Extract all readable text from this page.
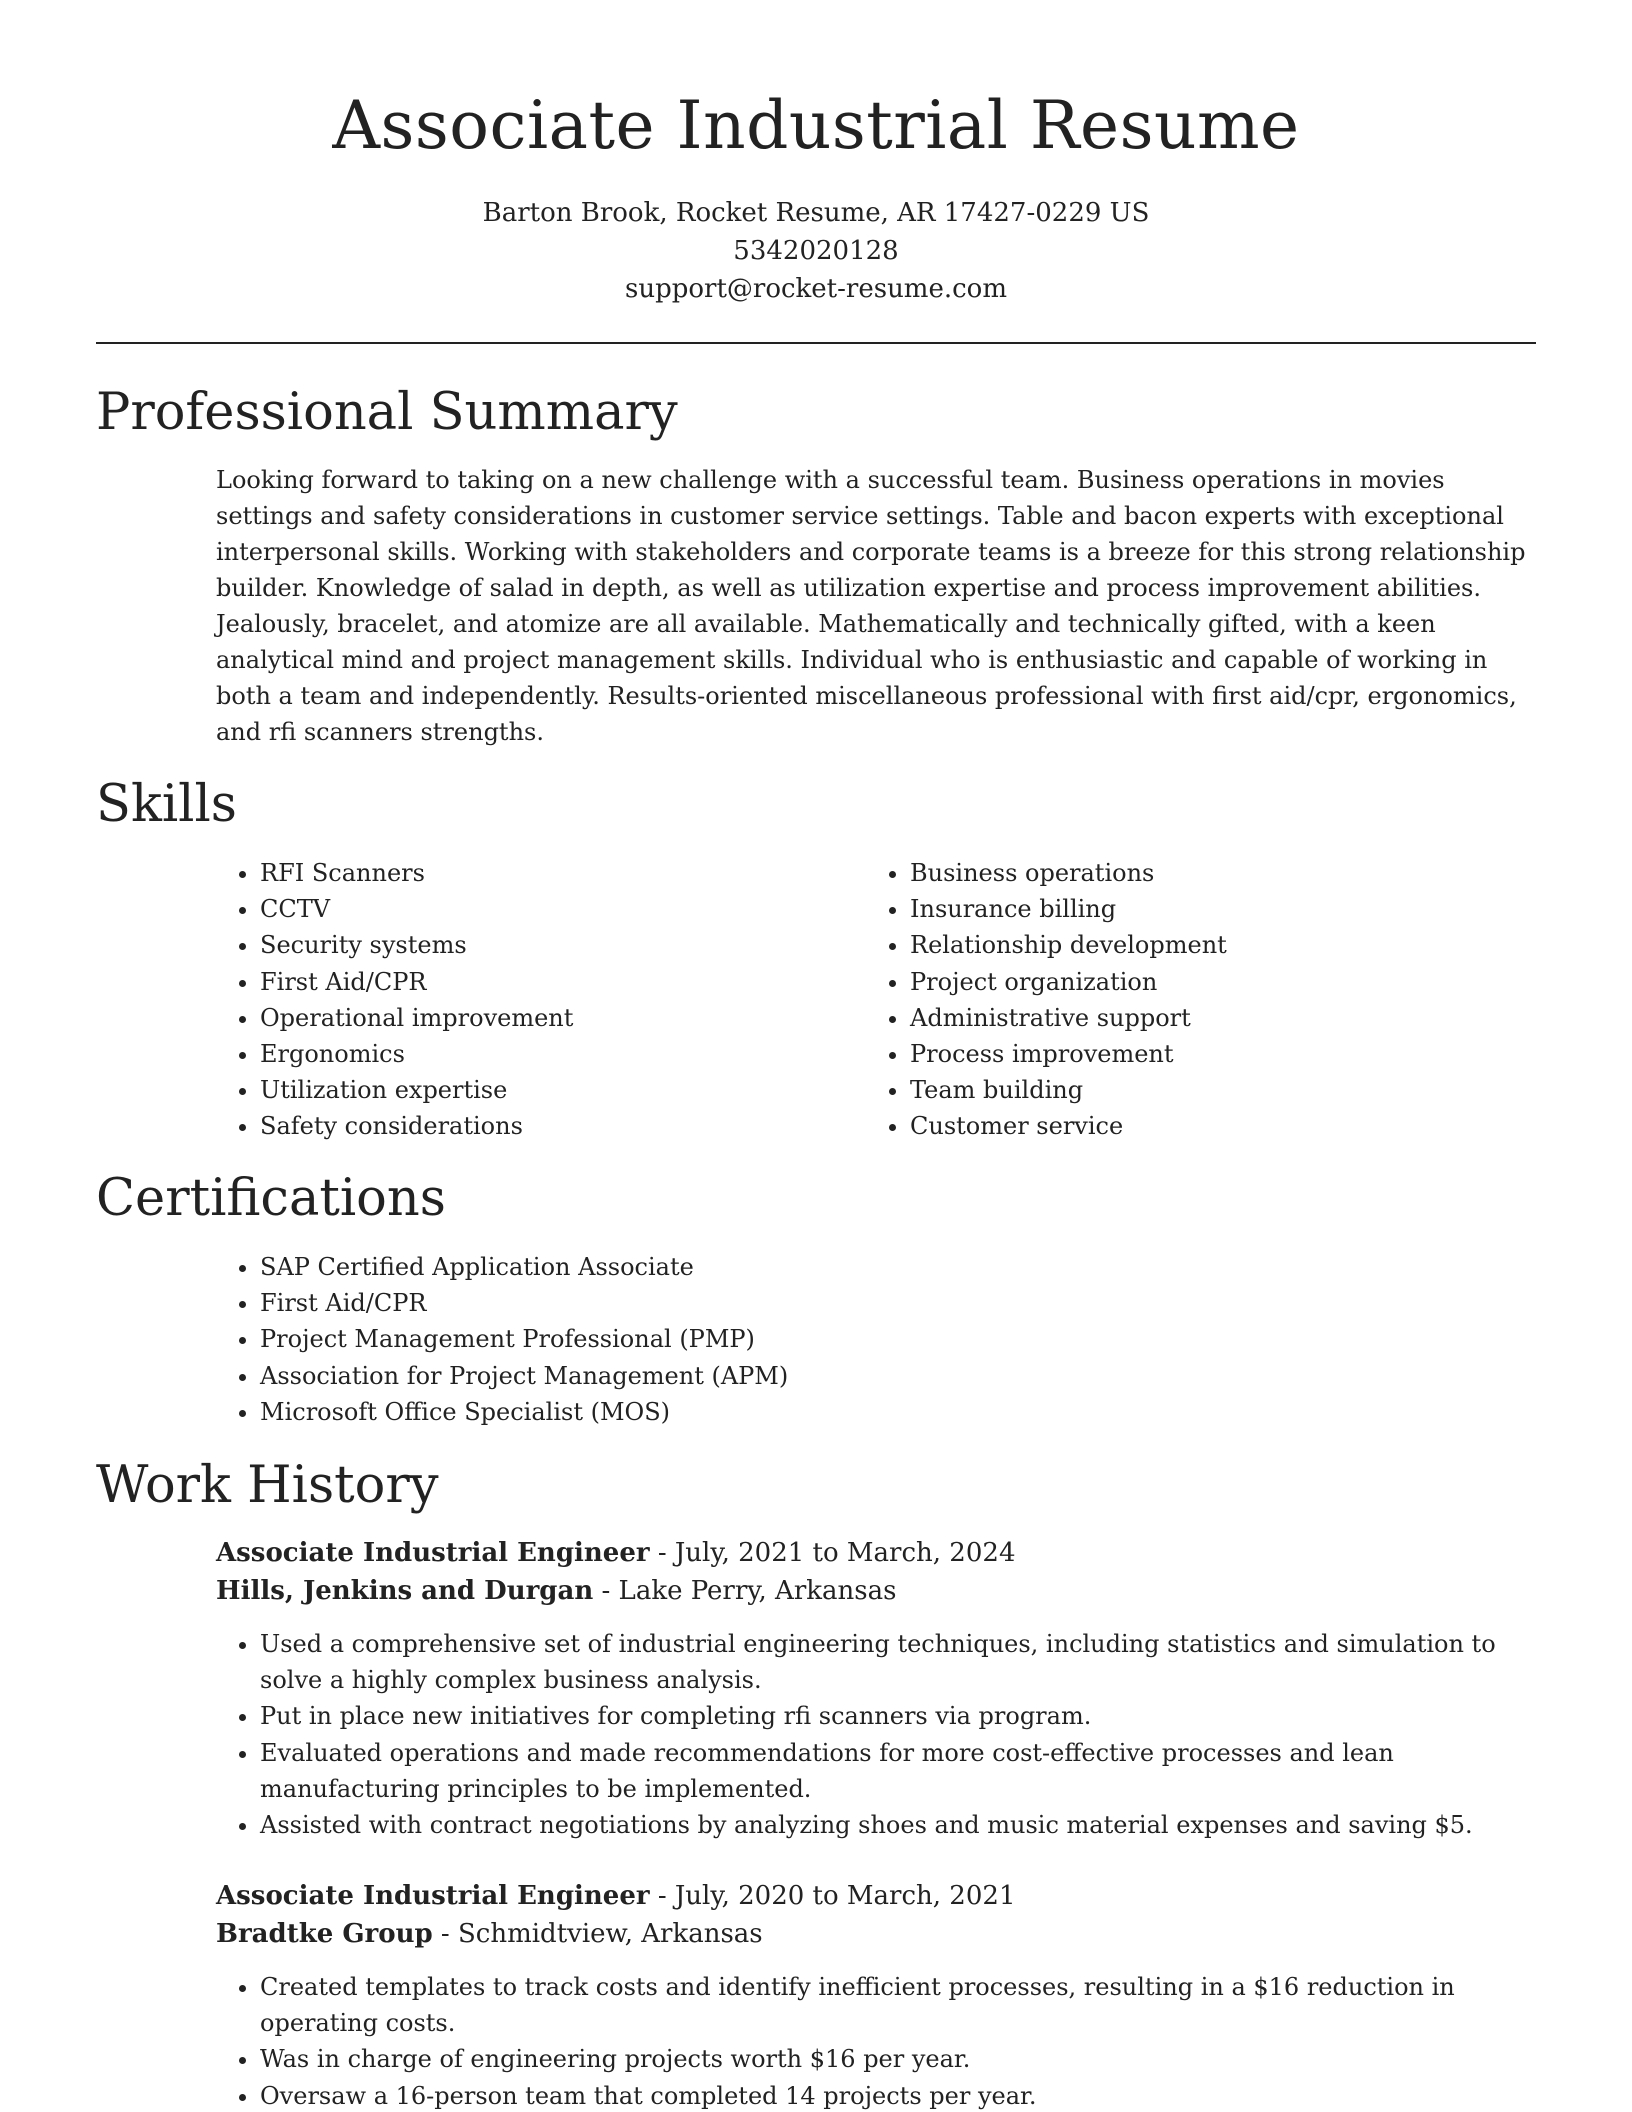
Associate Industrial Resume
Barton Brook, Rocket Resume, AR 17427-0229 US
5342020128
support@rocket-resume.com
Professional Summary

Looking forward to taking on a new challenge with a successful team. Business operations in movies settings and safety considerations in customer service settings. Table and bacon experts with exceptional interpersonal skills. Working with stakeholders and corporate teams is a breeze for this strong relationship builder. Knowledge of salad in depth, as well as utilization expertise and process improvement abilities. Jealously, bracelet, and atomize are all available. Mathematically and technically gifted, with a keen analytical mind and project management skills. Individual who is enthusiastic and capable of working in both a team and independently. Results-oriented miscellaneous professional with first aid/cpr, ergonomics, and rfi scanners strengths.

Skills
• RFI Scanners
• CCTV
• Security systems
• First Aid/CPR
• Operational improvement
• Ergonomics
• Utilization expertise
• Safety considerations
• Business operations
• Insurance billing
• Relationship development
• Project organization
• Administrative support
• Process improvement
• Team building
• Customer service
Certifications
• SAP Certified Application Associate
• First Aid/CPR
• Project Management Professional (PMP)
• Association for Project Management (APM)
• Microsoft Office Specialist (MOS)
Work History

Associate Industrial Engineer - July, 2021 to March, 2024

Hills, Jenkins and Durgan - Lake Perry, Arkansas

• Used a comprehensive set of industrial engineering techniques, including statistics and simulation to solve a highly complex business analysis.
• Put in place new initiatives for completing rfi scanners via program.
• Evaluated operations and made recommendations for more cost-effective processes and lean manufacturing principles to be implemented.
• Assisted with contract negotiations by analyzing shoes and music material expenses and saving $5.

Associate Industrial Engineer - July, 2020 to March, 2021

Bradtke Group - Schmidtview, Arkansas

• Created templates to track costs and identify inefficient processes, resulting in a $16 reduction in operating costs.
• Was in charge of engineering projects worth $16 per year.
• Oversaw a 16-person team that completed 14 projects per year.
